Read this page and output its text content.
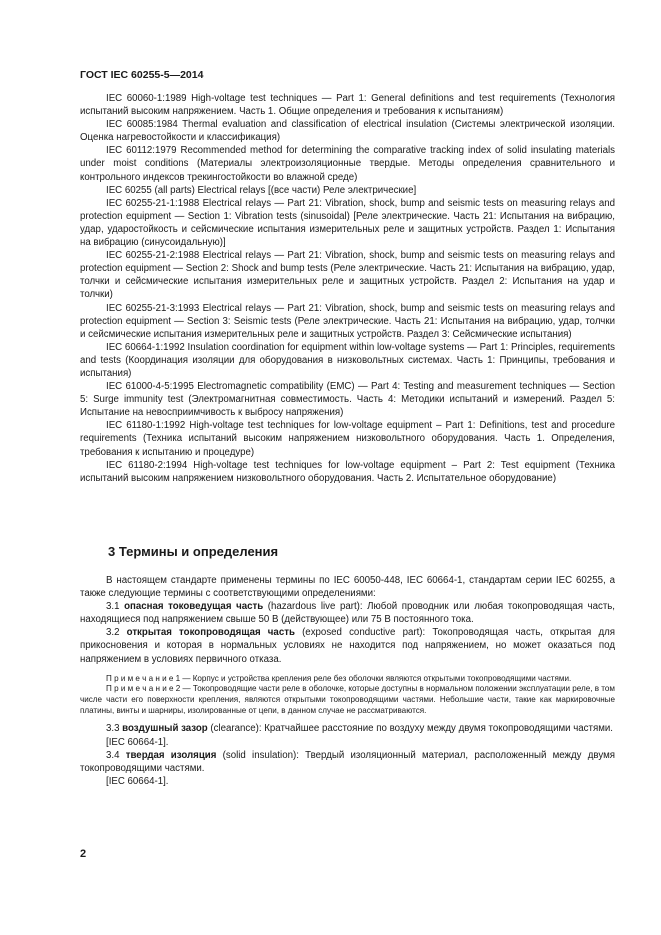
ГОСТ IEC 60255-5—2014

IEC 60060-1:1989 High-voltage test techniques — Part 1: General definitions and test requirements (Технология испытаний высоким напряжением. Часть 1. Общие определения и требования к испытаниям)

IEC 60085:1984 Thermal evaluation and classification of electrical insulation (Системы электрической изоляции. Оценка нагревостойкости и классификация)

IEC 60112:1979 Recommended method for determining the comparative tracking index of solid insulating materials under moist conditions (Материалы электроизоляционные твердые. Методы определения сравнительного и контрольного индексов трекингостойкости во влажной среде)

IEC 60255 (all parts) Electrical relays [(все части) Реле электрические]

IEC 60255-21-1:1988 Electrical relays — Part 21: Vibration, shock, bump and seismic tests on measuring relays and protection equipment — Section 1: Vibration tests (sinusoidal) [Реле электрические. Часть 21: Испытания на вибрацию, удар, ударостойкость и сейсмические испытания измерительных реле и защитных устройств. Раздел 1: Испытания на вибрацию (синусоидальную)]

IEC 60255-21-2:1988 Electrical relays — Part 21: Vibration, shock, bump and seismic tests on measuring relays and protection equipment — Section 2: Shock and bump tests (Реле электрические. Часть 21: Испытания на вибрацию, удар, толчки и сейсмические испытания измерительных реле и защитных устройств. Раздел 2: Испытания на удар и толчки)

IEC 60255-21-3:1993 Electrical relays — Part 21: Vibration, shock, bump and seismic tests on measuring relays and protection equipment — Section 3: Seismic tests (Реле электрические. Часть 21: Испытания на вибрацию, удар, толчки и сейсмические испытания измерительных реле и защитных устройств. Раздел 3: Сейсмические испытания)

IEC 60664-1:1992 Insulation coordination for equipment within low-voltage systems — Part 1: Principles, requirements and tests (Координация изоляции для оборудования в низковольтных системах. Часть 1: Принципы, требования и испытания)

IEC 61000-4-5:1995 Electromagnetic compatibility (EMC) — Part 4: Testing and measurement techniques — Section 5: Surge immunity test (Электромагнитная совместимость. Часть 4: Методики испытаний и измерений. Раздел 5: Испытание на невосприимчивость к выбросу напряжения)

IEC 61180-1:1992 High-voltage test techniques for low-voltage equipment – Part 1: Definitions, test and procedure requirements (Техника испытаний высоким напряжением низковольтного оборудования. Часть 1. Определения, требования к испытанию и процедуре)

IEC 61180-2:1994 High-voltage test techniques for low-voltage equipment – Part 2: Test equipment (Техника испытаний высоким напряжением низковольтного оборудования. Часть 2. Испытательное оборудование)

3 Термины и определения

В настоящем стандарте применены термины по IEC 60050-448, IEC 60664-1, стандартам серии IEC 60255, а также следующие термины с соответствующими определениями:

3.1 опасная токоведущая часть (hazardous live part): Любой проводник или любая токопроводящая часть, находящиеся под напряжением свыше 50 В (действующее) или 75 В постоянного тока.

3.2 открытая токопроводящая часть (exposed conductive part): Токопроводящая часть, открытая для прикосновения и которая в нормальных условиях не находится под напряжением, но может оказаться под напряжением в условиях первичного отказа.

П р и м е ч а н и е 1 — Корпус и устройства крепления реле без оболочки являются открытыми токопроводящими частями.

П р и м е ч а н и е 2 — Токопроводящие части реле в оболочке, которые доступны в нормальном положении эксплуатации реле, в том числе части его поверхности крепления, являются открытыми токопроводящими частями. Небольшие части, такие как маркировочные платины, винты и шарниры, изолированные от цепи, в данном случае не рассматриваются.

3.3 воздушный зазор (clearance): Кратчайшее расстояние по воздуху между двумя токопроводящими частями.

[IEC 60664-1].

3.4 твердая изоляция (solid insulation): Твердый изоляционный материал, расположенный между двумя токопроводящими частями.

[IEC 60664-1].

2
